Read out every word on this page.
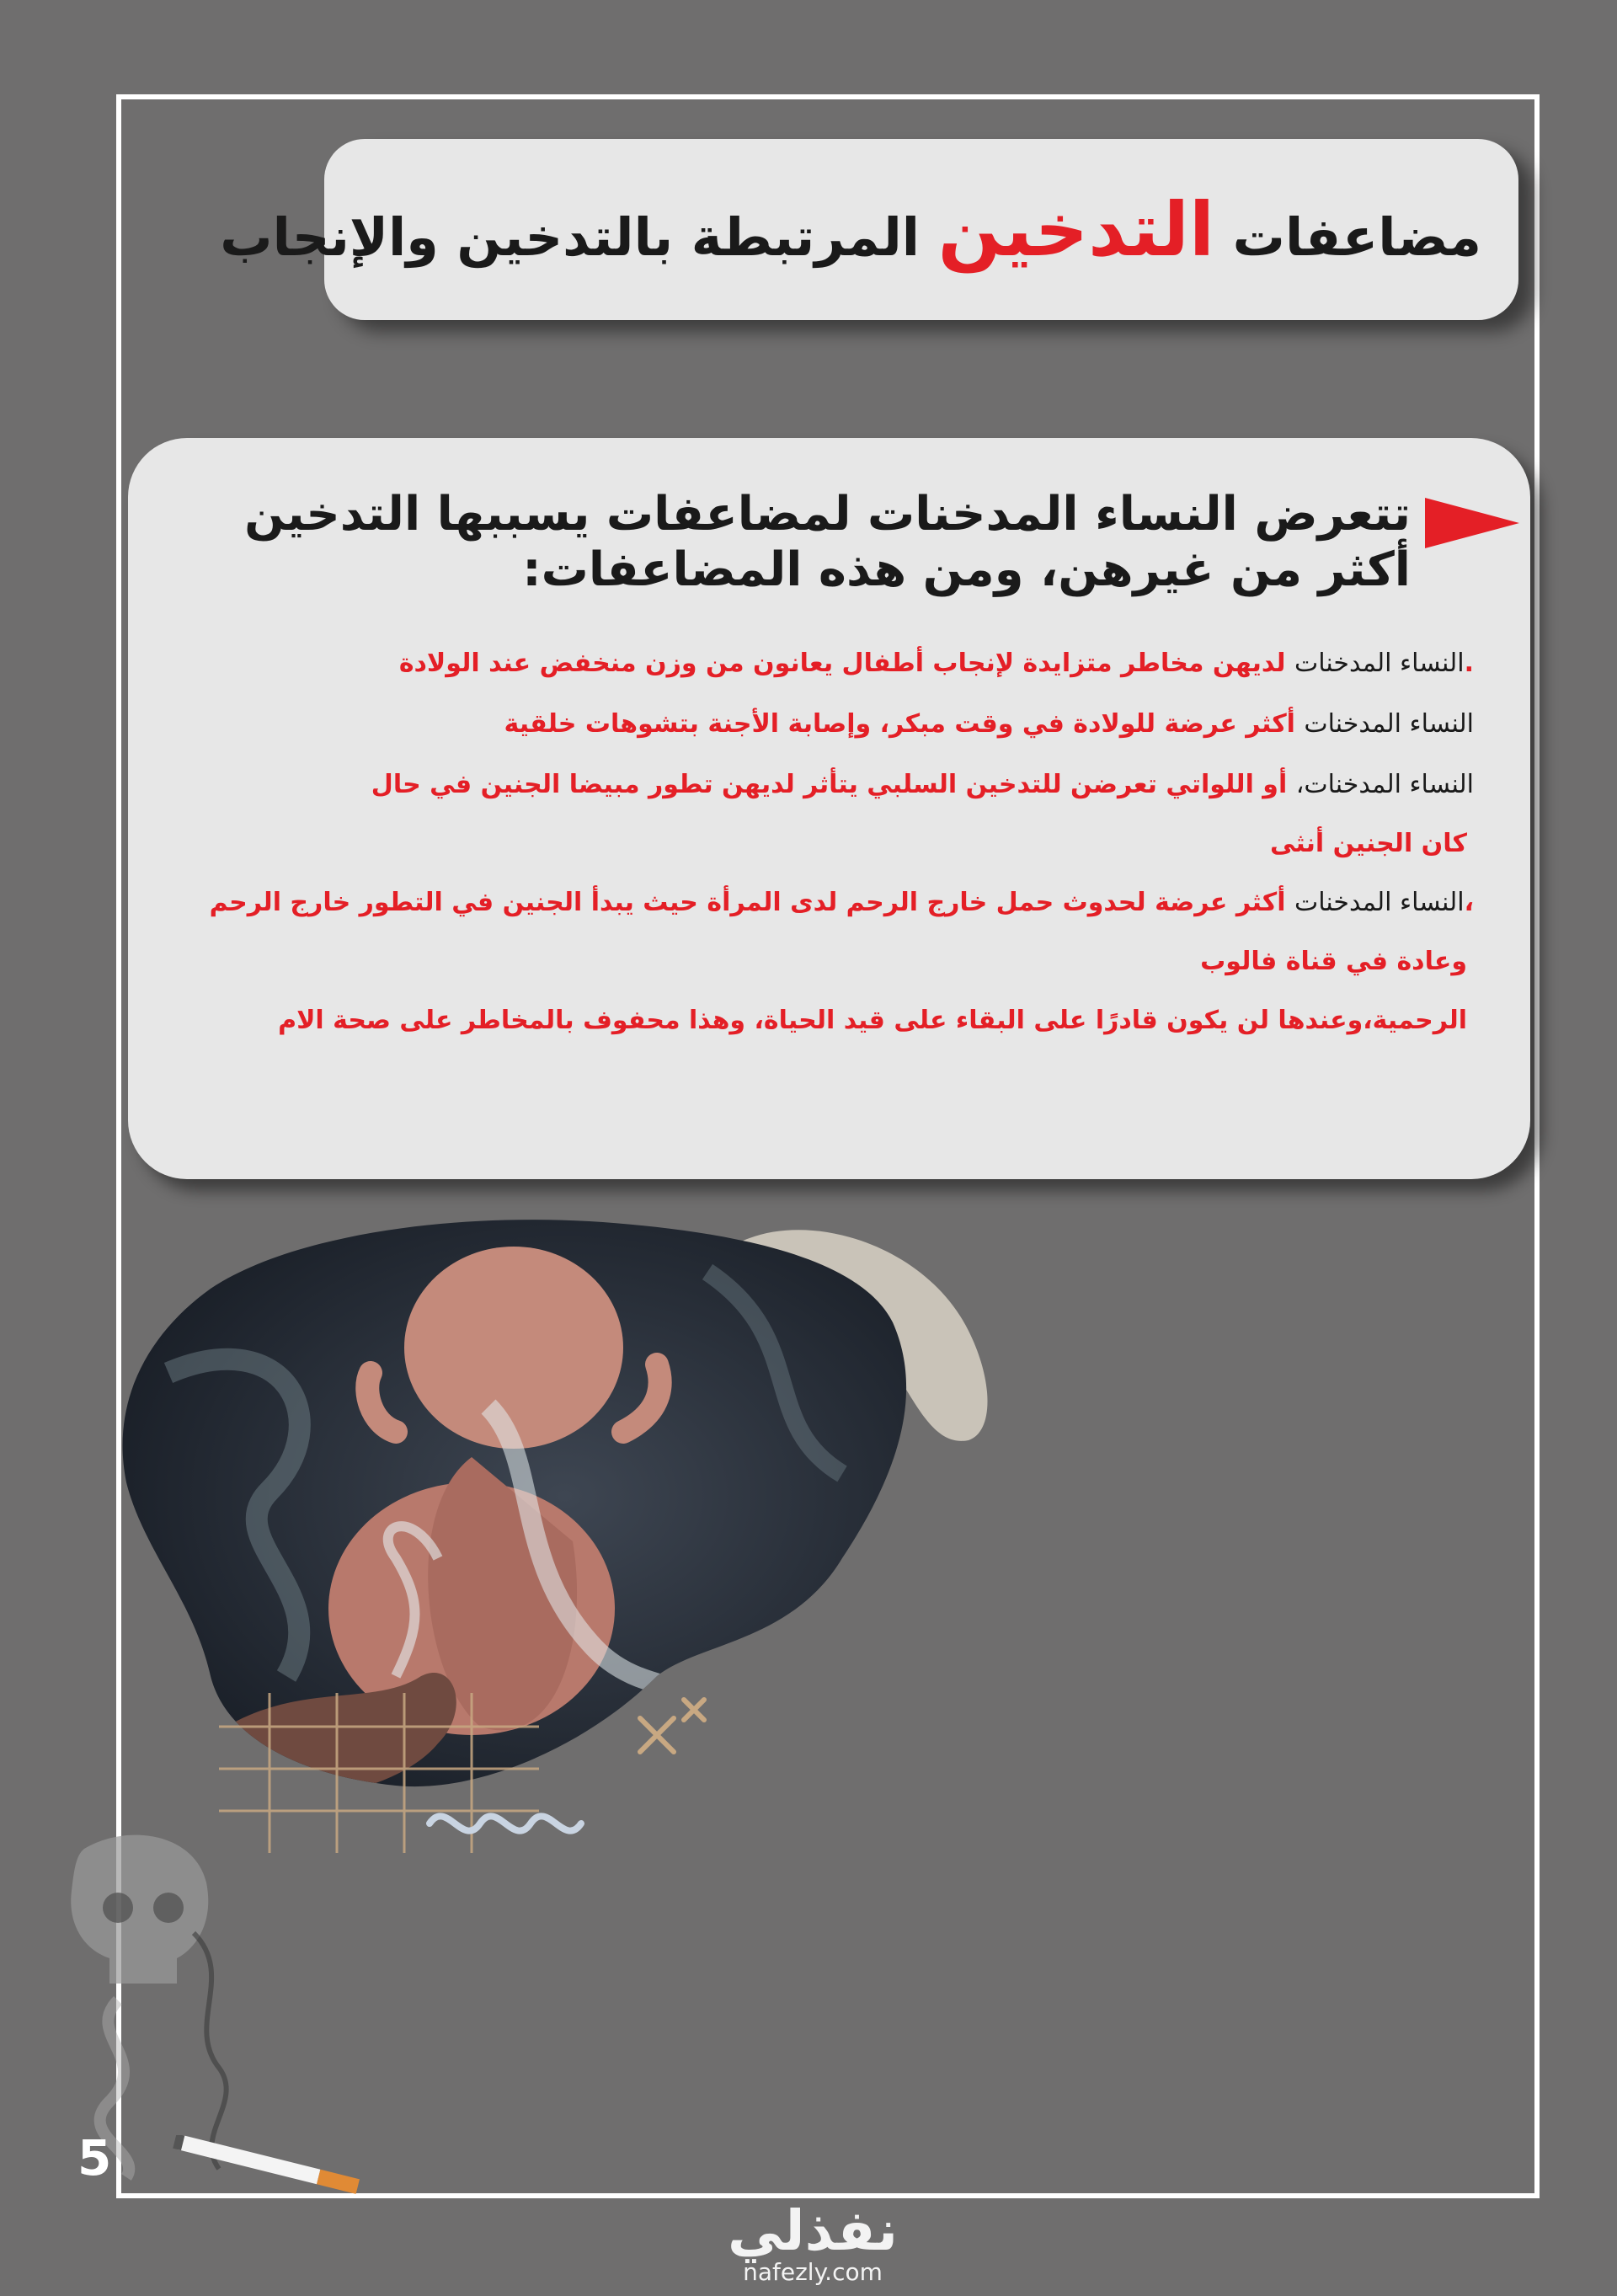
مضاعفات التدخين المرتبطة بالتدخين والإنجاب

تتعرض النساء المدخنات لمضاعفات يسببها التدخين أكثر من غيرهن، ومن هذه المضاعفات:

.النساء المدخنات لديهن مخاطر متزايدة لإنجاب أطفال يعانون من وزن منخفض عند الولادة
النساء المدخنات أكثر عرضة للولادة في وقت مبكر، وإصابة الأجنة بتشوهات خلقية
النساء المدخنات، أو اللواتي تعرضن للتدخين السلبي يتأثر لديهن تطور مبيضا الجنين في حال
كان الجنين أنثى
،النساء المدخنات أكثر عرضة لحدوث حمل خارج الرحم لدى المرأة حيث يبدأ الجنين في التطور خارج الرحم
وعادة في قناة فالوب
الرحمية،وعندها لن يكون قادرًا على البقاء على قيد الحياة، وهذا محفوف بالمخاطر على صحة الام

5

نفذلي
nafezly.com
